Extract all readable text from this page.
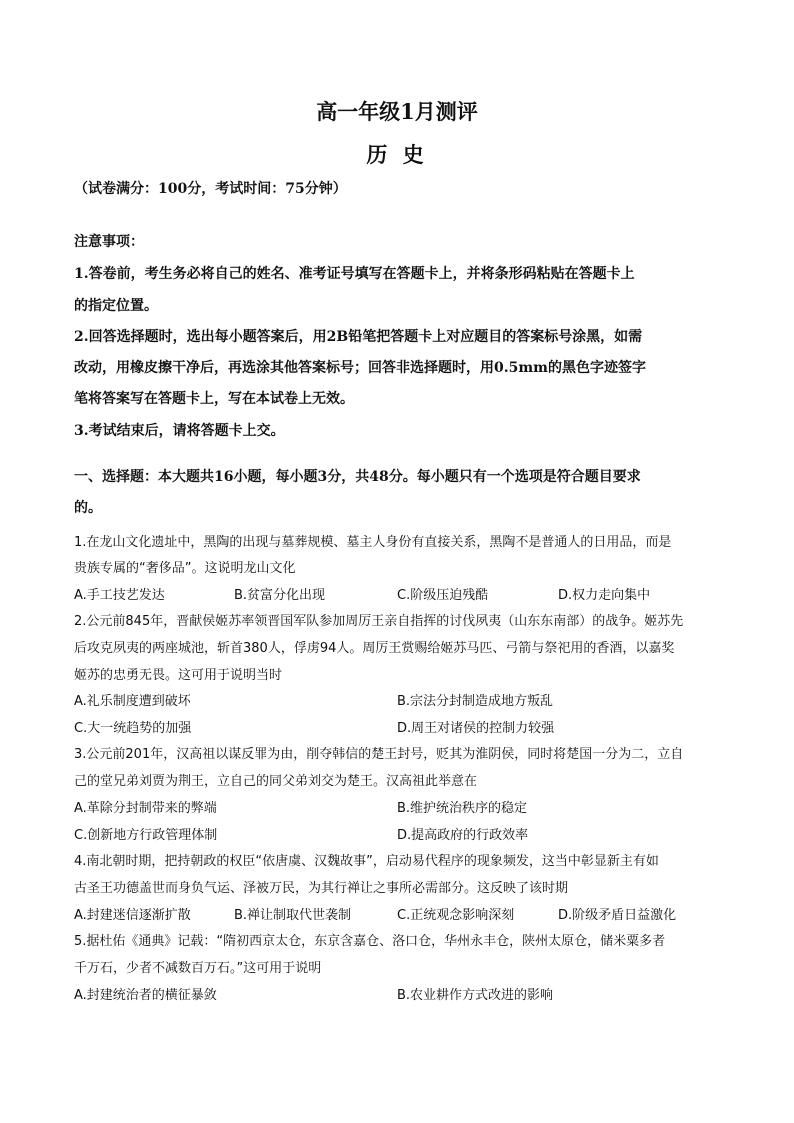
高一年级1月测评
历 史
（试卷满分：100分，考试时间：75分钟）
注意事项：
1.答卷前，考生务必将自己的姓名、准考证号填写在答题卡上，并将条形码粘贴在答题卡上
的指定位置。
2.回答选择题时，选出每小题答案后，用2B铅笔把答题卡上对应题目的答案标号涂黑，如需
改动，用橡皮擦干净后，再选涂其他答案标号；回答非选择题时，用0.5mm的黑色字迹签字
笔将答案写在答题卡上，写在本试卷上无效。
3.考试结束后，请将答题卡上交。
一、选择题：本大题共16小题，每小题3分，共48分。每小题只有一个选项是符合题目要求
的。
1.在龙山文化遗址中，黑陶的出现与墓葬规模、墓主人身份有直接关系，黑陶不是普通人的日用品，而是
贵族专属的“奢侈品”。这说明龙山文化
A.手工技艺发达	B.贫富分化出现	C.阶级压迫残酷	D.权力走向集中
2.公元前845年，晋献侯姬苏率领晋国军队参加周厉王亲自指挥的讨伐夙夷（山东东南部）的战争。姬苏先
后攻克夙夷的两座城池，斩首380人，俘虏94人。周厉王赏赐给姬苏马匹、弓箭与祭祀用的香酒，以嘉奖
姬苏的忠勇无畏。这可用于说明当时
A.礼乐制度遭到破坏	B.宗法分封制造成地方叛乱
C.大一统趋势的加强	D.周王对诸侯的控制力较强
3.公元前201年，汉高祖以谋反罪为由，削夺韩信的楚王封号，贬其为淮阴侯，同时将楚国一分为二，立自
己的堂兄弟刘贾为荆王，立自己的同父弟刘交为楚王。汉高祖此举意在
A.革除分封制带来的弊端	B.维护统治秩序的稳定
C.创新地方行政管理体制	D.提高政府的行政效率
4.南北朝时期，把持朝政的权臣“依唐虞、汉魏故事”，启动易代程序的现象频发，这当中彰显新主有如
古圣王功德盖世而身负气运、泽被万民，为其行禅让之事所必需部分。这反映了该时期
A.封建迷信逐渐扩散	B.禅让制取代世袭制	C.正统观念影响深刻	D.阶级矛盾日益激化
5.据杜佑《通典》记载：“隋初西京太仓，东京含嘉仓、洛口仓，华州永丰仓，陕州太原仓，储米粟多者
千万石，少者不减数百万石。”这可用于说明
A.封建统治者的横征暴敛	B.农业耕作方式改进的影响
